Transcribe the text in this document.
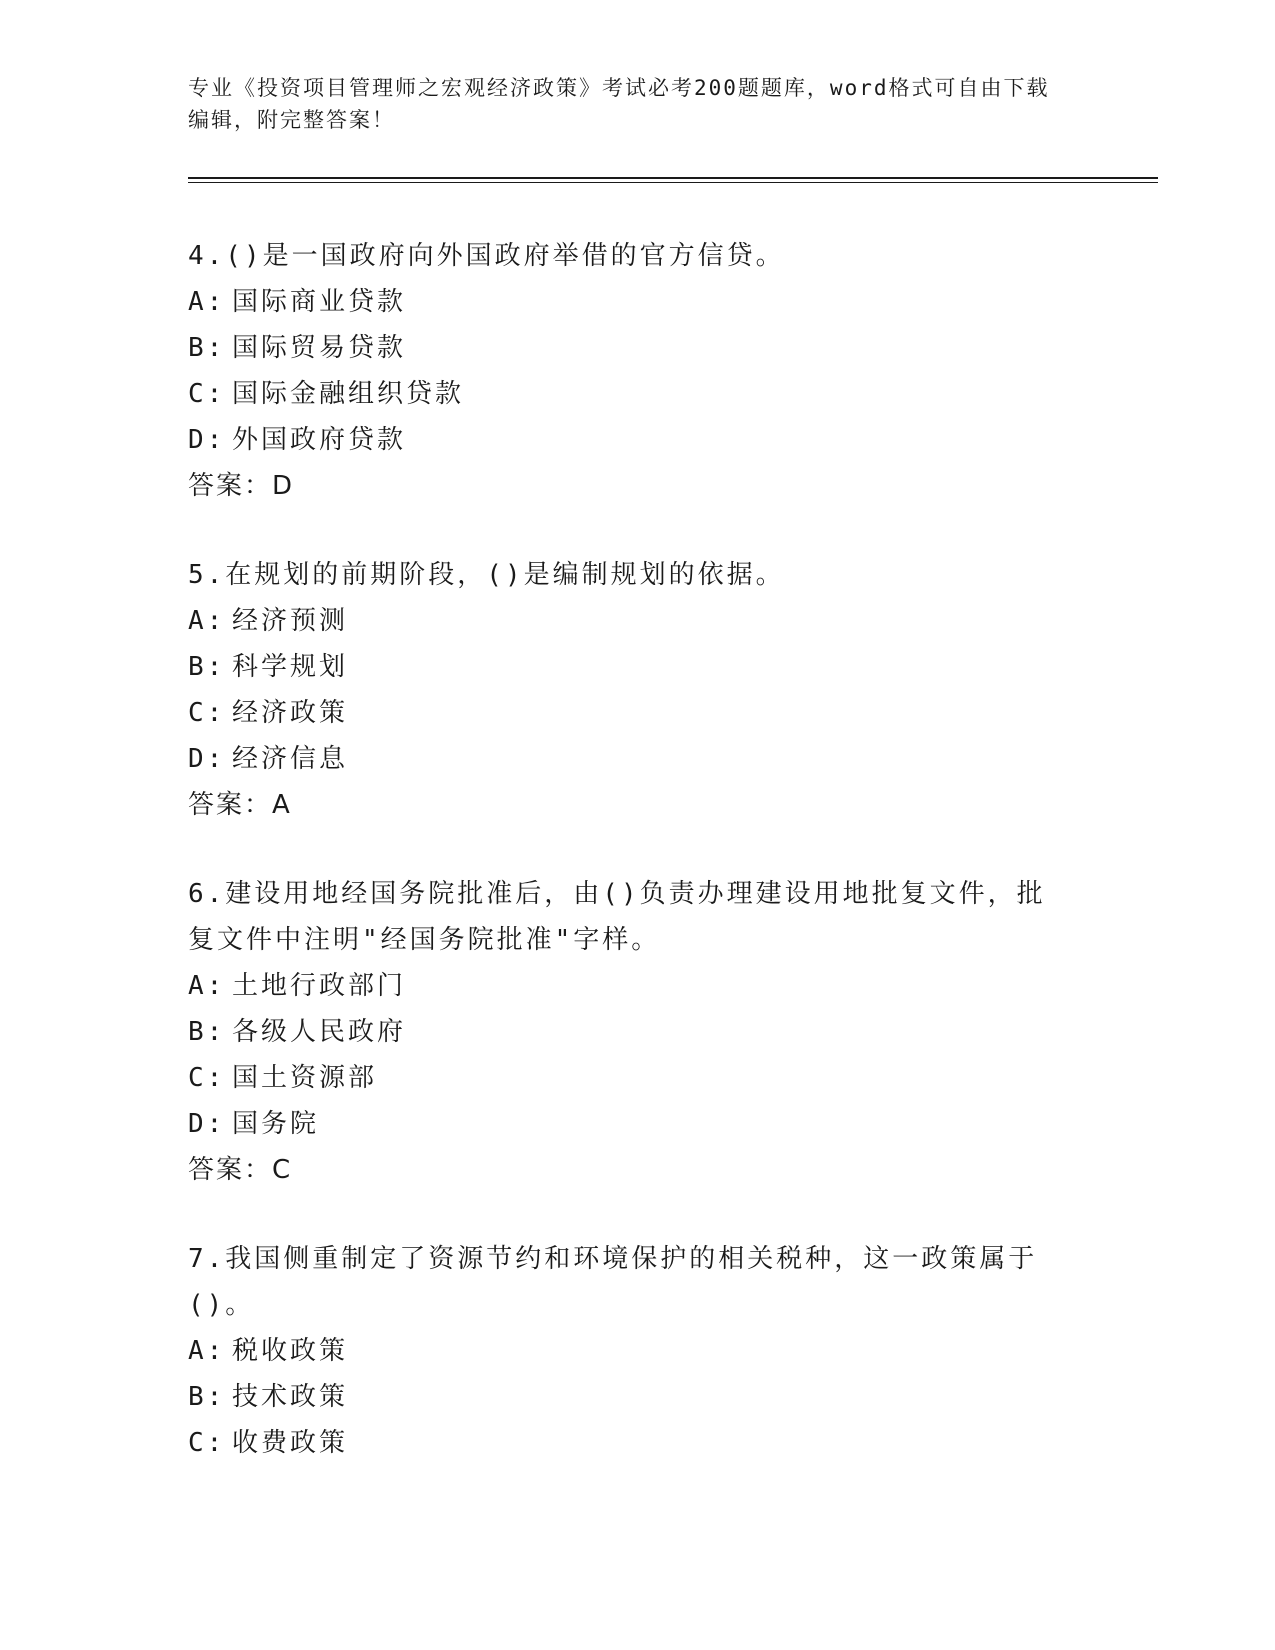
专业《投资项目管理师之宏观经济政策》考试必考200题题库，word格式可自由下载编辑，附完整答案！

4.()是一国政府向外国政府举借的官方信贷。

A: 国际商业贷款

B: 国际贸易贷款

C: 国际金融组织贷款

D: 外国政府贷款

答案：D

5.在规划的前期阶段，()是编制规划的依据。

A: 经济预测

B: 科学规划

C: 经济政策

D: 经济信息

答案：A

6.建设用地经国务院批准后，由()负责办理建设用地批复文件，批复文件中注明"经国务院批准"字样。

A: 土地行政部门

B: 各级人民政府

C: 国土资源部

D: 国务院

答案：C

7.我国侧重制定了资源节约和环境保护的相关税种，这一政策属于()。

A: 税收政策

B: 技术政策

C: 收费政策
